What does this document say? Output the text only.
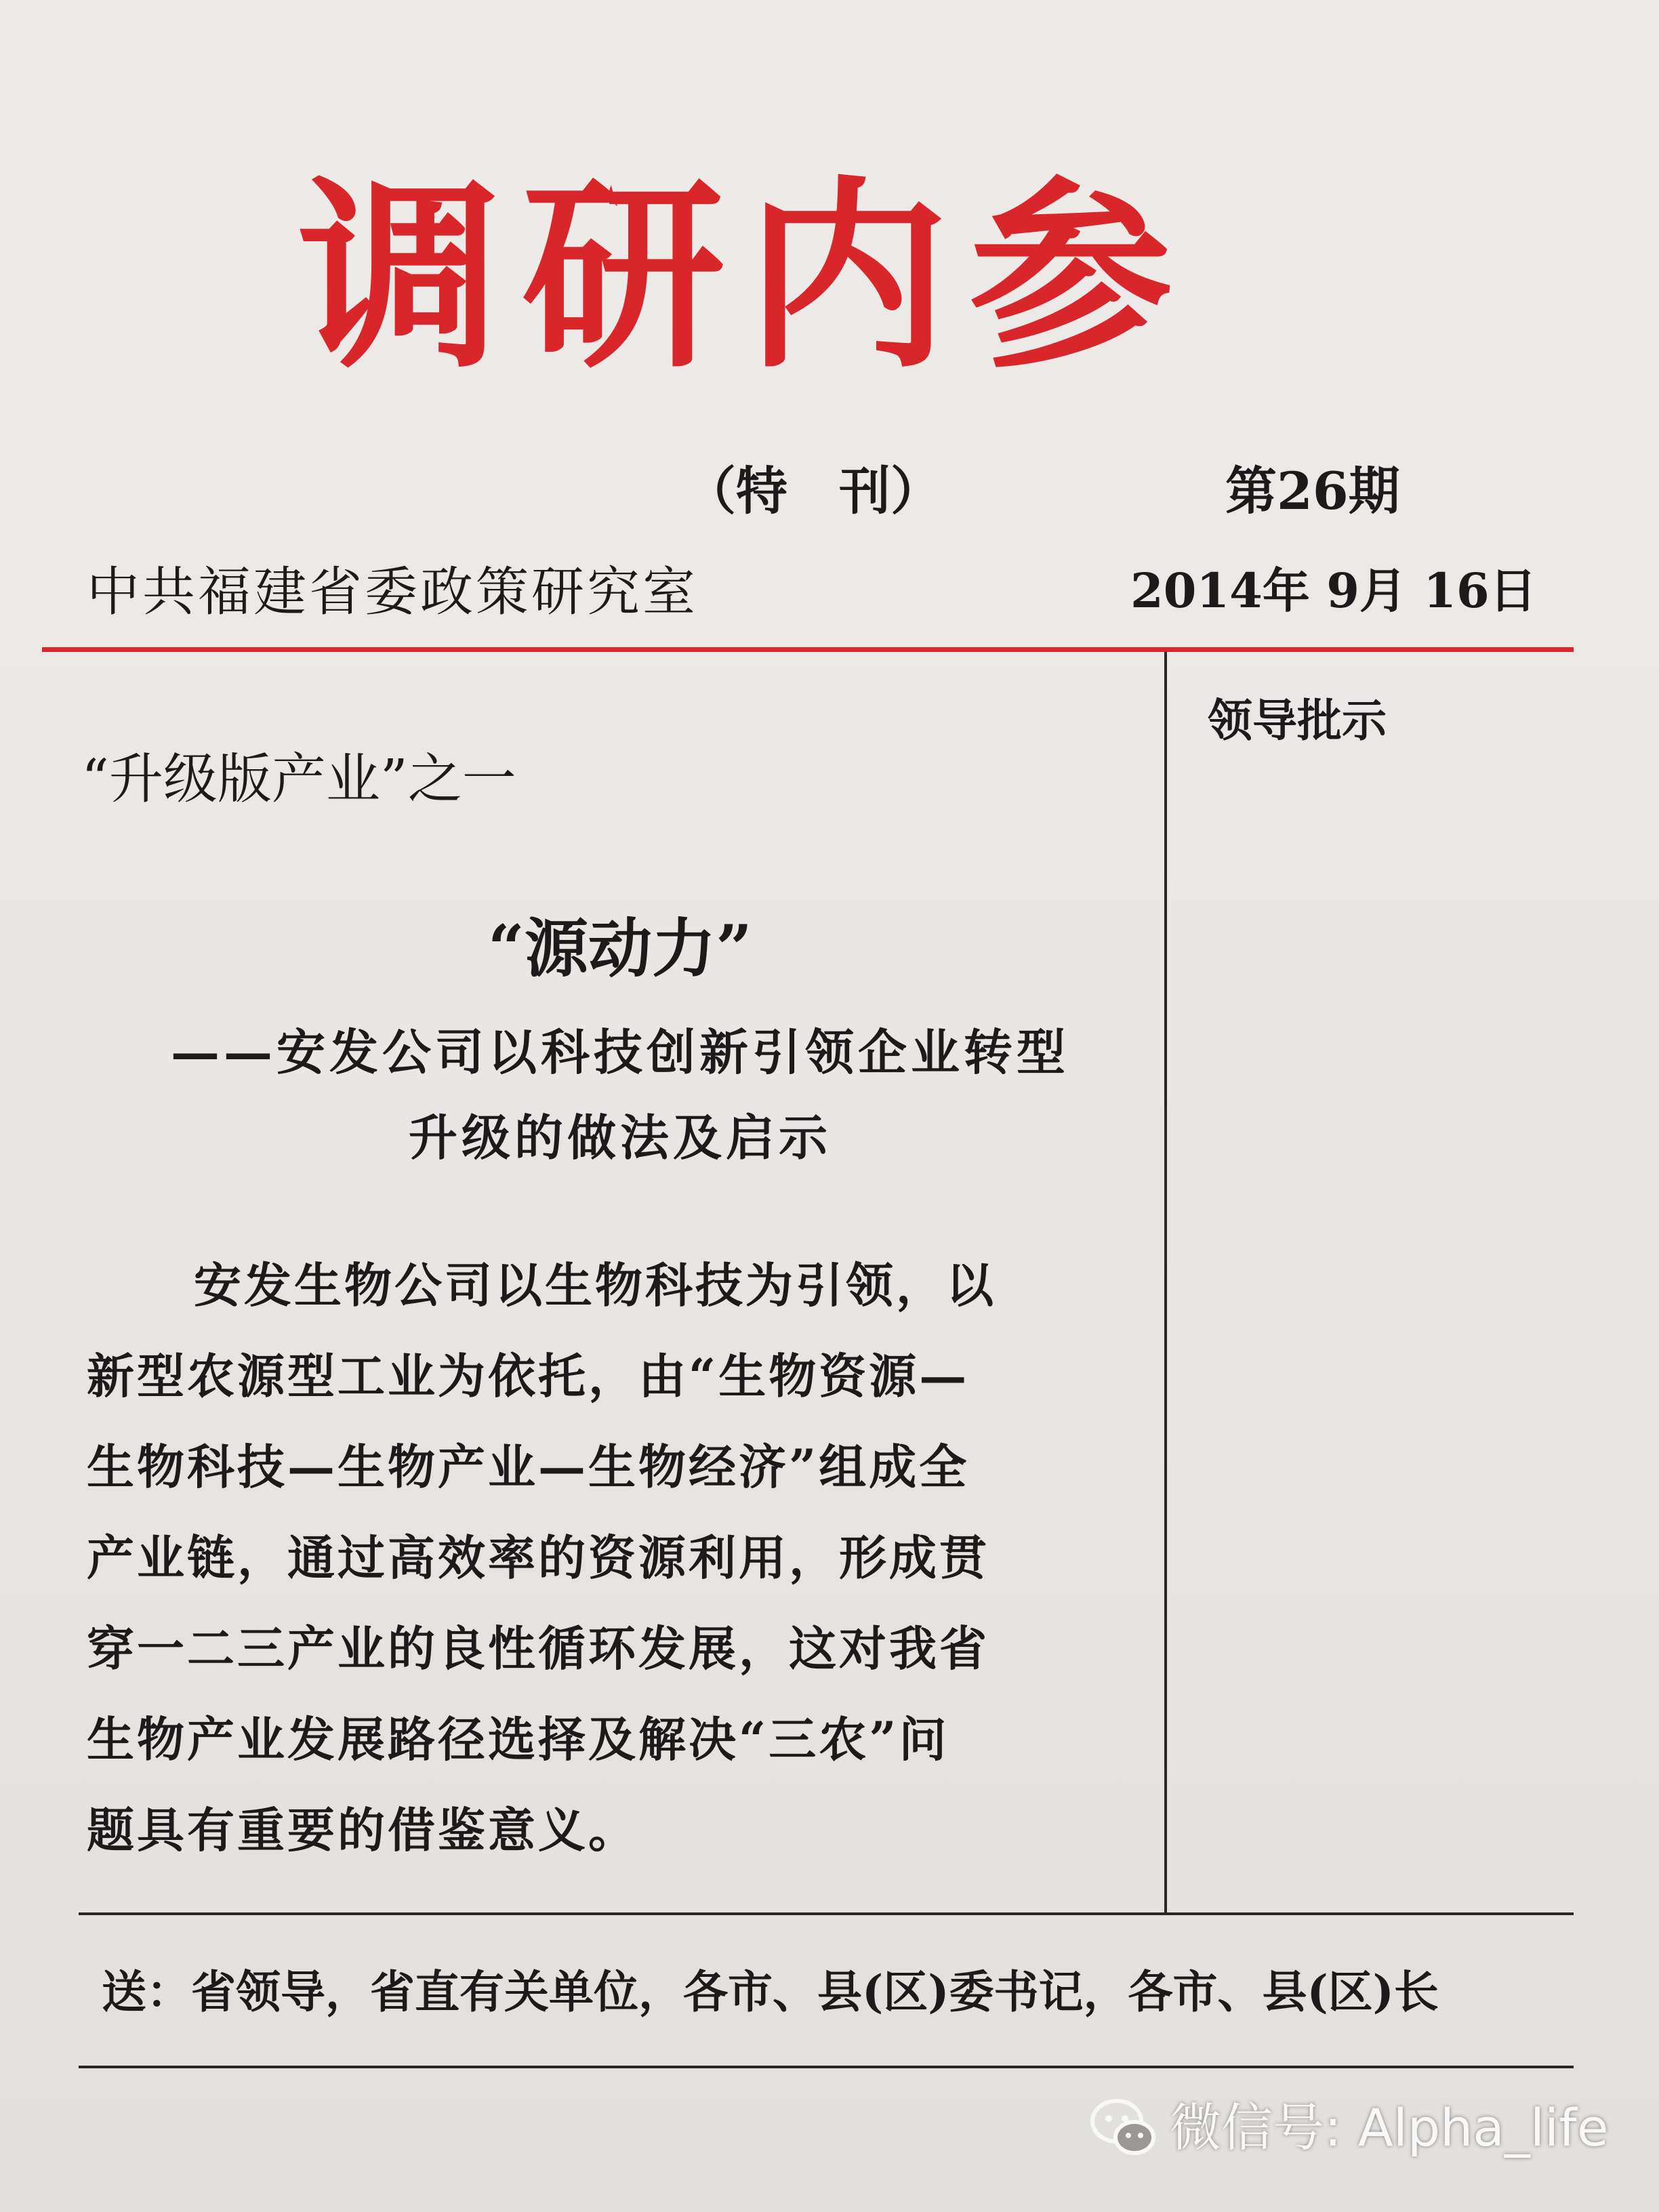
调研内参
（特　刊）	第26期
中共福建省委政策研究室	2014年 9月 16日
领导批示
“升级版产业”之一
“源动力”
——安发公司以科技创新引领企业转型
升级的做法及启示
安发生物公司以生物科技为引领，以
新型农源型工业为依托，由“生物资源—
生物科技—生物产业—生物经济”组成全
产业链，通过高效率的资源利用，形成贯
穿一二三产业的良性循环发展，这对我省
生物产业发展路径选择及解决“三农”问
题具有重要的借鉴意义。
送：省领导，省直有关单位，各市、县(区)委书记，各市、县(区)长
微信号: Alpha_life
